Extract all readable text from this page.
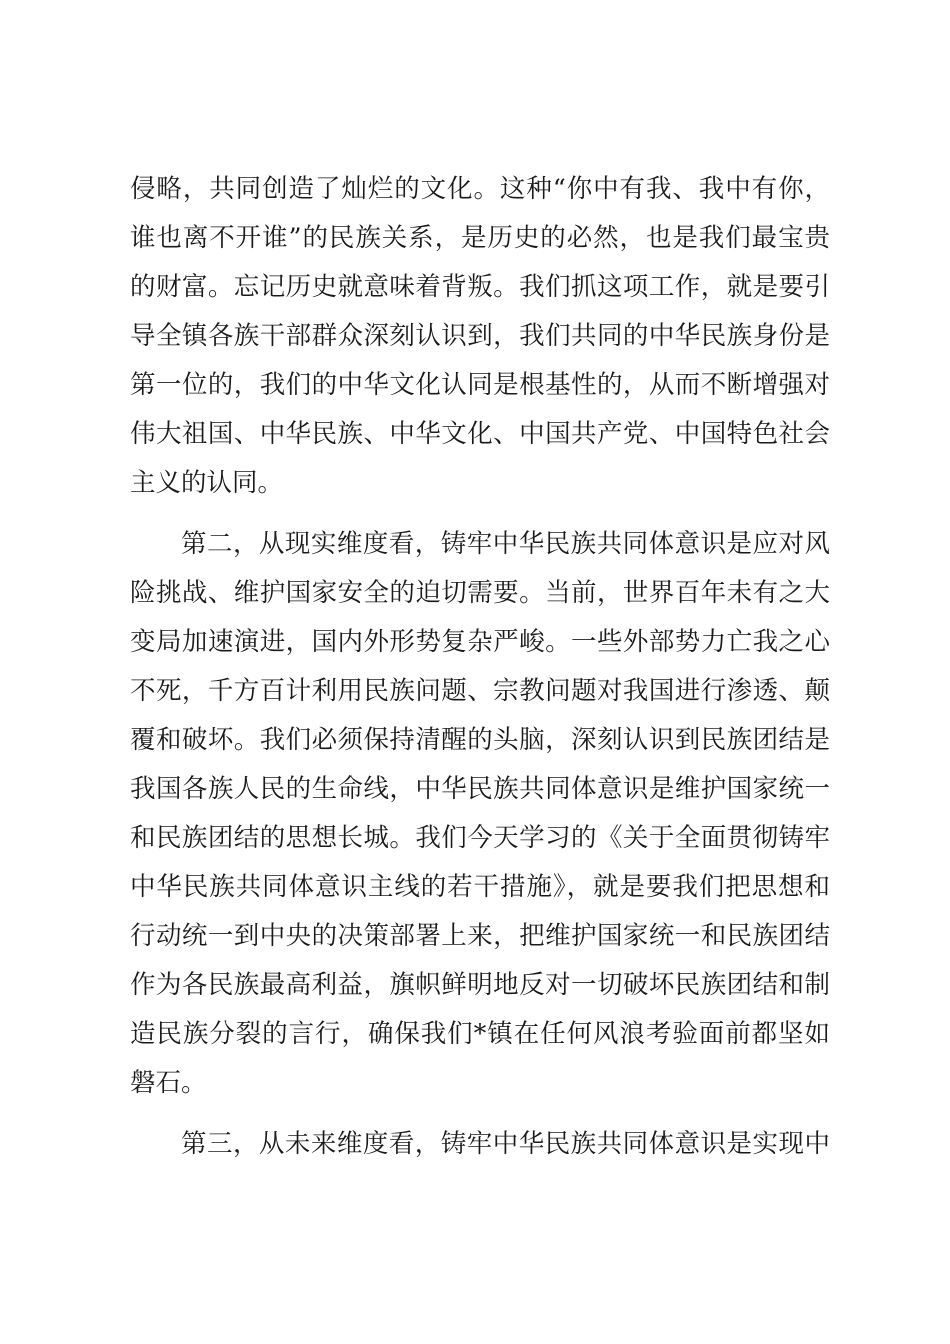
侵略，共同创造了灿烂的文化。这种“你中有我、我中有你，
谁也离不开谁”的民族关系，是历史的必然，也是我们最宝贵
的财富。忘记历史就意味着背叛。我们抓这项工作，就是要引
导全镇各族干部群众深刻认识到，我们共同的中华民族身份是
第一位的，我们的中华文化认同是根基性的，从而不断增强对
伟大祖国、中华民族、中华文化、中国共产党、中国特色社会
主义的认同。
第二，从现实维度看，铸牢中华民族共同体意识是应对风
险挑战、维护国家安全的迫切需要。当前，世界百年未有之大
变局加速演进，国内外形势复杂严峻。一些外部势力亡我之心
不死，千方百计利用民族问题、宗教问题对我国进行渗透、颠
覆和破坏。我们必须保持清醒的头脑，深刻认识到民族团结是
我国各族人民的生命线，中华民族共同体意识是维护国家统一
和民族团结的思想长城。我们今天学习的《关于全面贯彻铸牢
中华民族共同体意识主线的若干措施》，就是要我们把思想和
行动统一到中央的决策部署上来，把维护国家统一和民族团结
作为各民族最高利益，旗帜鲜明地反对一切破坏民族团结和制
造民族分裂的言行，确保我们*镇在任何风浪考验面前都坚如
磐石。
第三，从未来维度看，铸牢中华民族共同体意识是实现中
